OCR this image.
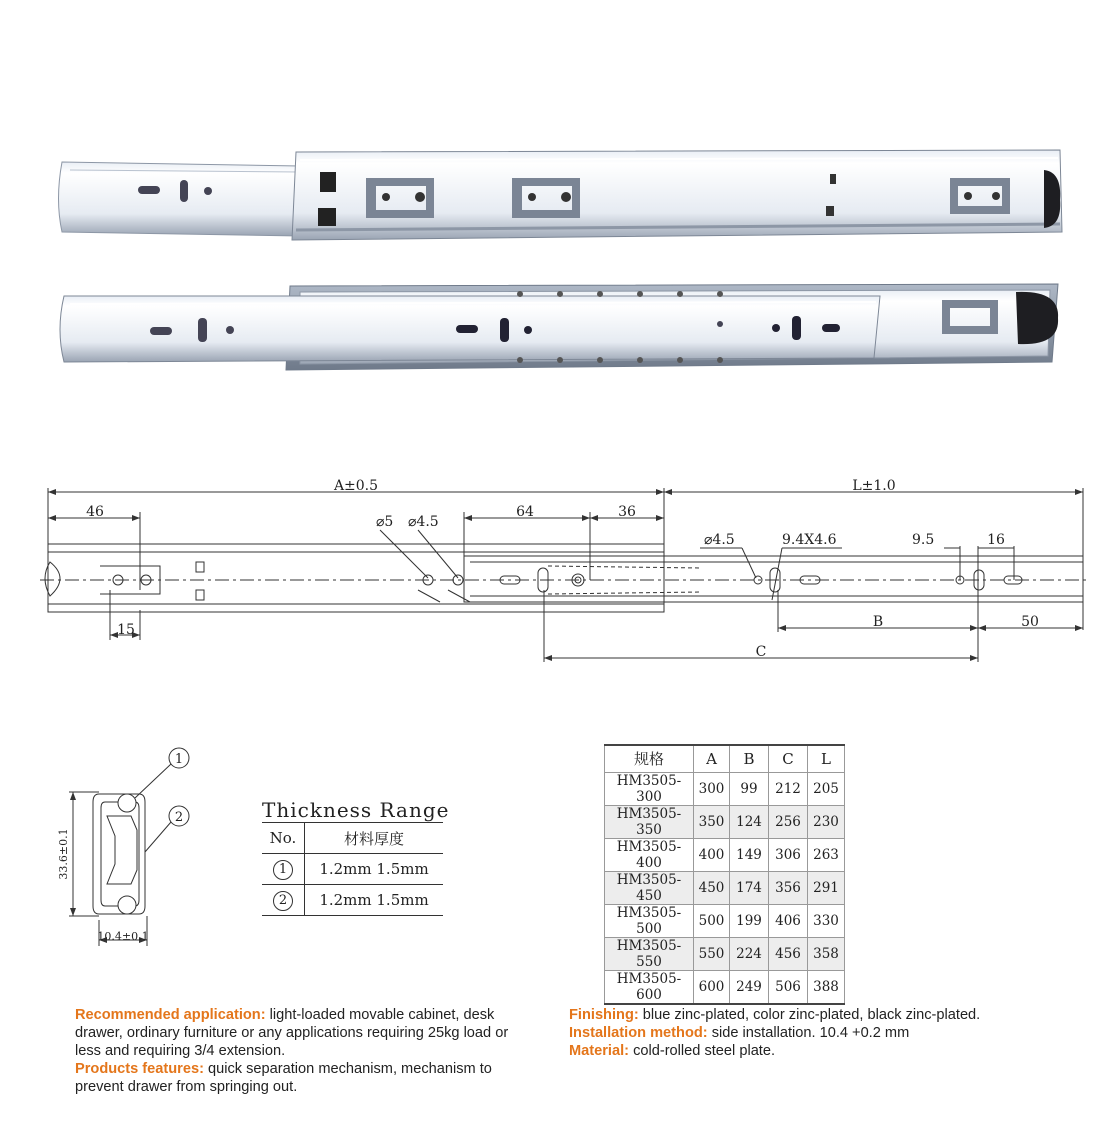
A±0.5	L±1.0
46
⌀5 ⌀4.5
64	36
⌀4.5	9.4X4.6	9.5	16
15	B	50
C
1
2
33.6±0.1
10.4±0.1
Thickness Range
No.	材料厚度
1	1.2mm 1.5mm
2	1.2mm 1.5mm
规格	A	B	C	L
HM3505-300	300	99	212	205
HM3505-350	350	124	256	230
HM3505-400	400	149	306	263
HM3505-450	450	174	356	291
HM3505-500	500	199	406	330
HM3505-550	550	224	456	358
HM3505-600	600	249	506	388
Recommended application: light-loaded movable cabinet, desk drawer, ordinary furniture or any applications requiring 25kg load or less and requiring 3/4 extension.
Products features: quick separation mechanism, mechanism to prevent drawer from springing out.
Finishing: blue zinc-plated, color zinc-plated, black zinc-plated.
Installation method: side installation. 10.4 +0.2 mm
Material: cold-rolled steel plate.
